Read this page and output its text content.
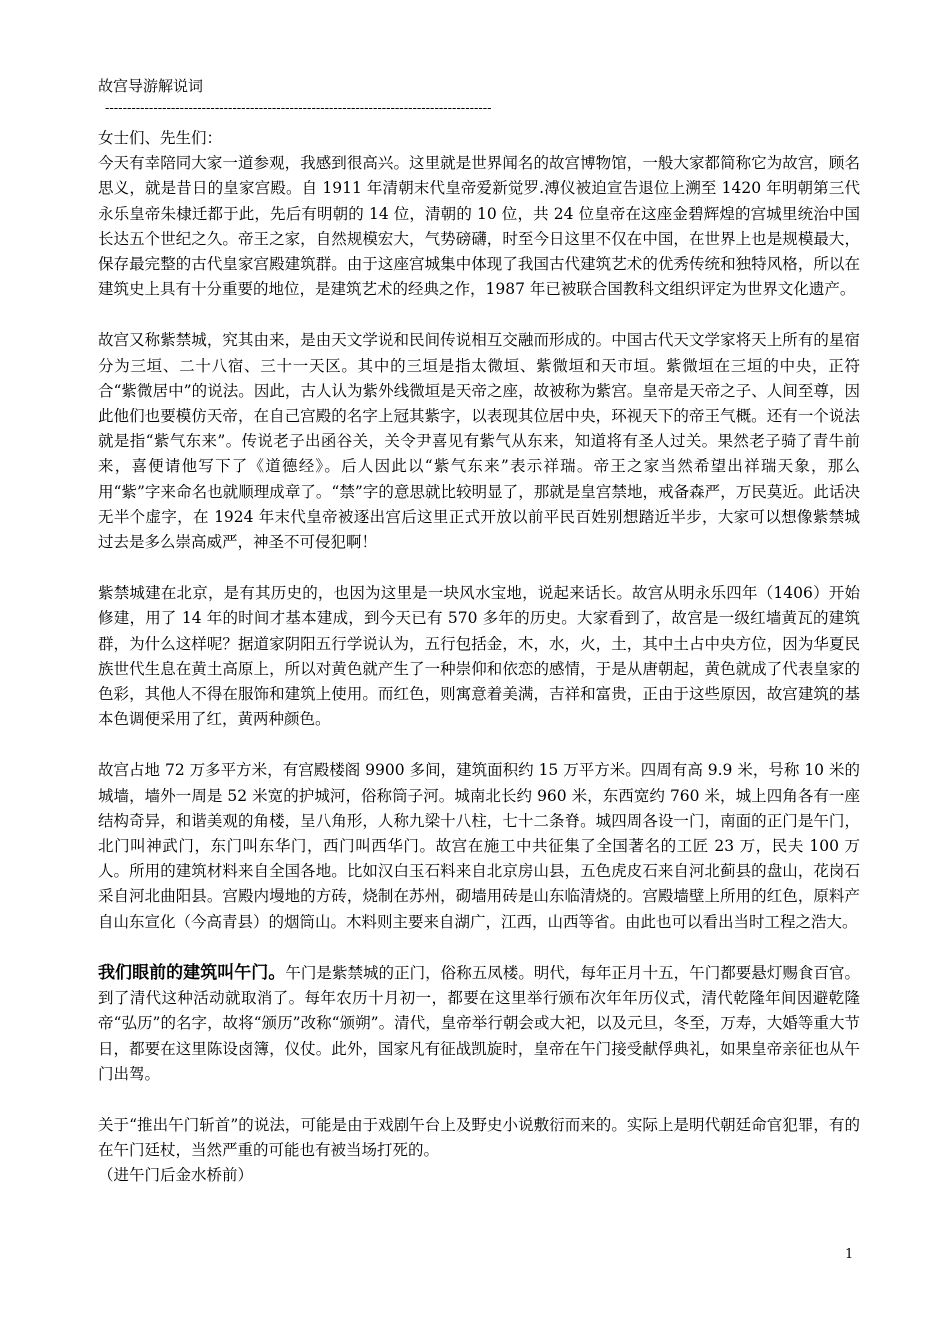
故宫导游解说词
----------------------------------------------------------------------------------------

女士们、先生们：

今天有幸陪同大家一道参观，我感到很高兴。这里就是世界闻名的故宫博物馆，一般大家都简称它为故宫，顾名思义，就是昔日的皇家宫殿。自 1911 年清朝末代皇帝爱新觉罗.溥仪被迫宣告退位上溯至 1420 年明朝第三代永乐皇帝朱棣迁都于此，先后有明朝的 14 位，清朝的 10 位，共 24 位皇帝在这座金碧辉煌的宫城里统治中国长达五个世纪之久。帝王之家，自然规模宏大，气势磅礴，时至今日这里不仅在中国，在世界上也是规模最大，保存最完整的古代皇家宫殿建筑群。由于这座宫城集中体现了我国古代建筑艺术的优秀传统和独特风格，所以在建筑史上具有十分重要的地位，是建筑艺术的经典之作，1987 年已被联合国教科文组织评定为世界文化遗产。

故宫又称紫禁城，究其由来，是由天文学说和民间传说相互交融而形成的。中国古代天文学家将天上所有的星宿分为三垣、二十八宿、三十一天区。其中的三垣是指太微垣、紫微垣和天市垣。紫微垣在三垣的中央，正符合“紫微居中”的说法。因此，古人认为紫外线微垣是天帝之座，故被称为紫宫。皇帝是天帝之子、人间至尊，因此他们也要模仿天帝，在自己宫殿的名字上冠其紫字，以表现其位居中央，环视天下的帝王气概。还有一个说法就是指“紫气东来”。传说老子出函谷关，关令尹喜见有紫气从东来，知道将有圣人过关。果然老子骑了青牛前来，喜便请他写下了《道德经》。后人因此以“紫气东来”表示祥瑞。帝王之家当然希望出祥瑞天象，那么用“紫”字来命名也就顺理成章了。“禁”字的意思就比较明显了，那就是皇宫禁地，戒备森严，万民莫近。此话决无半个虚字，在 1924 年末代皇帝被逐出宫后这里正式开放以前平民百姓别想踏近半步，大家可以想像紫禁城过去是多么崇高威严，神圣不可侵犯啊！

紫禁城建在北京，是有其历史的，也因为这里是一块风水宝地，说起来话长。故宫从明永乐四年（1406）开始修建，用了 14 年的时间才基本建成，到今天已有 570 多年的历史。大家看到了，故宫是一级红墙黄瓦的建筑群，为什么这样呢？据道家阴阳五行学说认为，五行包括金，木，水，火，土，其中土占中央方位，因为华夏民族世代生息在黄土高原上，所以对黄色就产生了一种崇仰和依恋的感情，于是从唐朝起，黄色就成了代表皇家的色彩，其他人不得在服饰和建筑上使用。而红色，则寓意着美满，吉祥和富贵，正由于这些原因，故宫建筑的基本色调便采用了红，黄两种颜色。

故宫占地 72 万多平方米，有宫殿楼阁 9900 多间，建筑面积约 15 万平方米。四周有高 9.9 米，号称 10 米的城墙，墙外一周是 52 米宽的护城河，俗称筒子河。城南北长约 960 米，东西宽约 760 米，城上四角各有一座结构奇异，和谐美观的角楼，呈八角形，人称九梁十八柱，七十二条脊。城四周各设一门，南面的正门是午门，北门叫神武门，东门叫东华门，西门叫西华门。故宫在施工中共征集了全国著名的工匠 23 万，民夫 100 万人。所用的建筑材料来自全国各地。比如汉白玉石料来自北京房山县，五色虎皮石来自河北蓟县的盘山，花岗石采自河北曲阳县。宫殿内墁地的方砖，烧制在苏州，砌墙用砖是山东临清烧的。宫殿墙壁上所用的红色，原料产自山东宣化（今高青县）的烟筒山。木料则主要来自湖广，江西，山西等省。由此也可以看出当时工程之浩大。

我们眼前的建筑叫午门。午门是紫禁城的正门，俗称五凤楼。明代，每年正月十五，午门都要悬灯赐食百官。到了清代这种活动就取消了。每年农历十月初一，都要在这里举行颁布次年年历仪式，清代乾隆年间因避乾隆帝“弘历”的名字，故将“颁历”改称“颁朔”。清代，皇帝举行朝会或大祀，以及元旦，冬至，万寿，大婚等重大节日，都要在这里陈设卤簿，仪仗。此外，国家凡有征战凯旋时，皇帝在午门接受献俘典礼，如果皇帝亲征也从午门出驾。

关于“推出午门斩首”的说法，可能是由于戏剧午台上及野史小说敷衍而来的。实际上是明代朝廷命官犯罪，有的在午门廷杖，当然严重的可能也有被当场打死的。

（进午门后金水桥前）

1
